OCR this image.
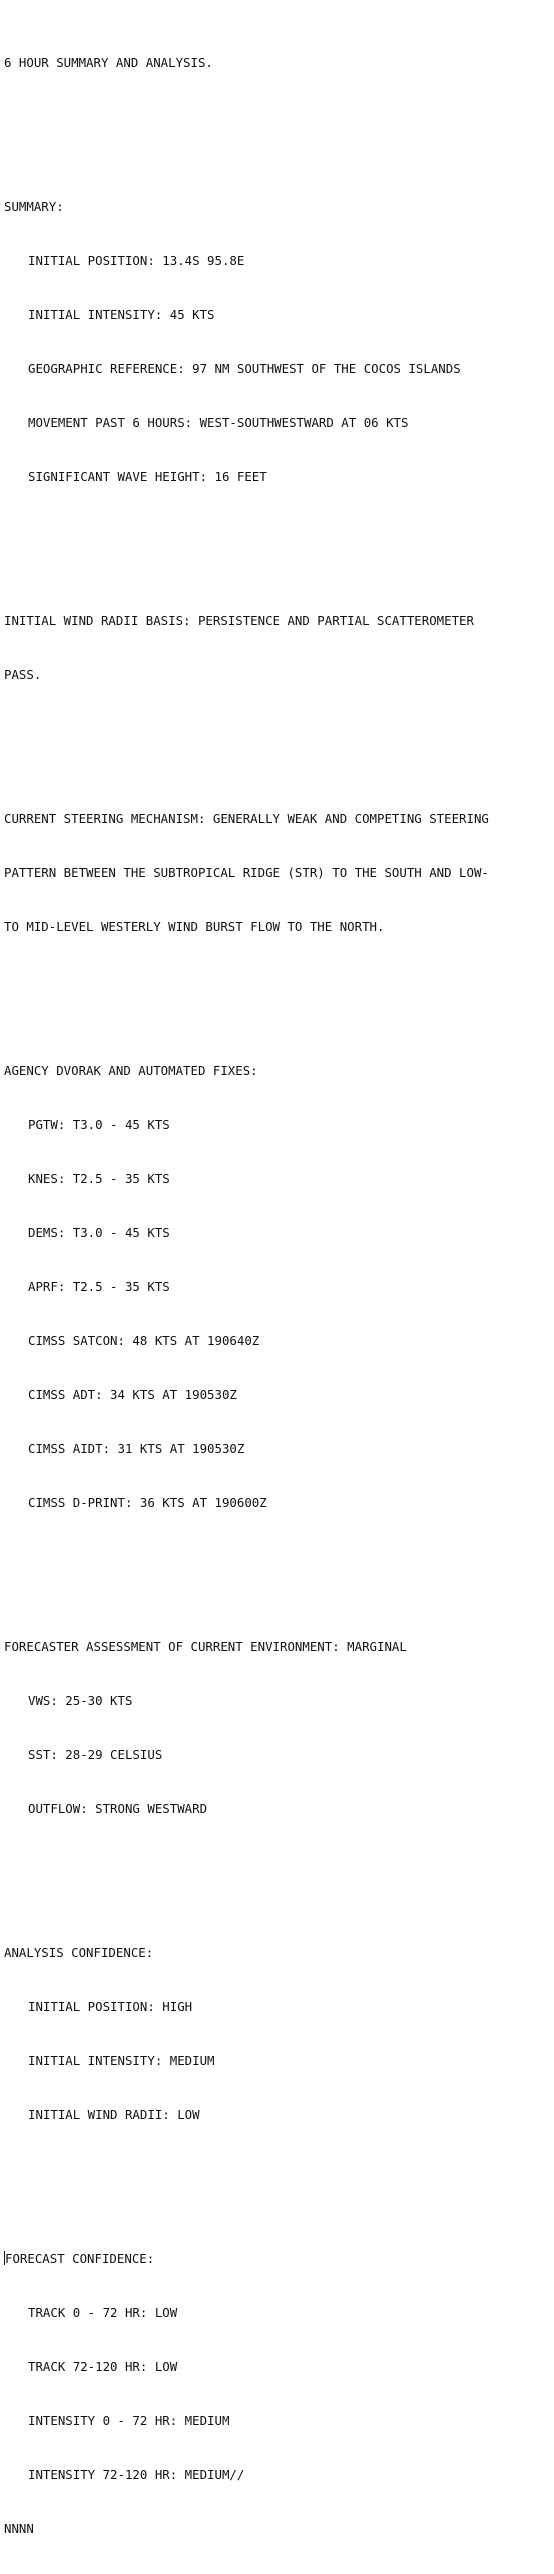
6 HOUR SUMMARY AND ANALYSIS.

SUMMARY:

INITIAL POSITION: 13.4S 95.8E

INITIAL INTENSITY: 45 KTS

GEOGRAPHIC REFERENCE: 97 NM SOUTHWEST OF THE COCOS ISLANDS

MOVEMENT PAST 6 HOURS: WEST-SOUTHWESTWARD AT 06 KTS

SIGNIFICANT WAVE HEIGHT: 16 FEET

INITIAL WIND RADII BASIS: PERSISTENCE AND PARTIAL SCATTEROMETER

PASS.

CURRENT STEERING MECHANISM: GENERALLY WEAK AND COMPETING STEERING

PATTERN BETWEEN THE SUBTROPICAL RIDGE (STR) TO THE SOUTH AND LOW-

TO MID-LEVEL WESTERLY WIND BURST FLOW TO THE NORTH.

AGENCY DVORAK AND AUTOMATED FIXES:

PGTW: T3.0 - 45 KTS

KNES: T2.5 - 35 KTS

DEMS: T3.0 - 45 KTS

APRF: T2.5 - 35 KTS

CIMSS SATCON: 48 KTS AT 190640Z

CIMSS ADT: 34 KTS AT 190530Z

CIMSS AIDT: 31 KTS AT 190530Z

CIMSS D-PRINT: 36 KTS AT 190600Z

FORECASTER ASSESSMENT OF CURRENT ENVIRONMENT: MARGINAL

VWS: 25-30 KTS

SST: 28-29 CELSIUS

OUTFLOW: STRONG WESTWARD

ANALYSIS CONFIDENCE:

INITIAL POSITION: HIGH

INITIAL INTENSITY: MEDIUM

INITIAL WIND RADII: LOW

FORECAST CONFIDENCE:

TRACK 0 - 72 HR: LOW

TRACK 72-120 HR: LOW

INTENSITY 0 - 72 HR: MEDIUM

INTENSITY 72-120 HR: MEDIUM//

NNNN
